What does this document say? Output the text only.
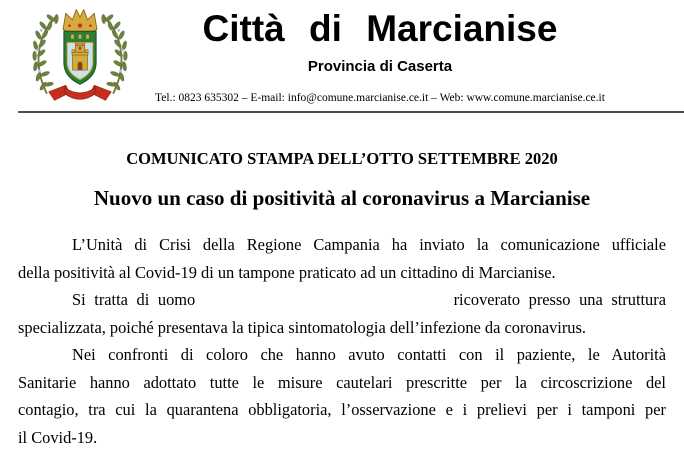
Città di Marcianise
Provincia di Caserta
Tel.: 0823 635302 – E-mail: info@comune.marcianise.ce.it – Web: www.comune.marcianise.ce.it
COMUNICATO STAMPA DELL’OTTO SETTEMBRE 2020
Nuovo un caso di positività al coronavirus a Marcianise
L’Unità di Crisi della Regione Campania ha inviato la comunicazione ufficiale
della positività al Covid-19 di un tampone praticato ad un cittadino di Marcianise.
Si tratta di uomo	ricoverato presso una struttura
specializzata, poiché presentava la tipica sintomatologia dell’infezione da coronavirus.
Nei confronti di coloro che hanno avuto contatti con il paziente, le Autorità
Sanitarie hanno adottato tutte le misure cautelari prescritte per la circoscrizione del
contagio, tra cui la quarantena obbligatoria, l’osservazione e i prelievi per i tamponi per
il Covid-19.
